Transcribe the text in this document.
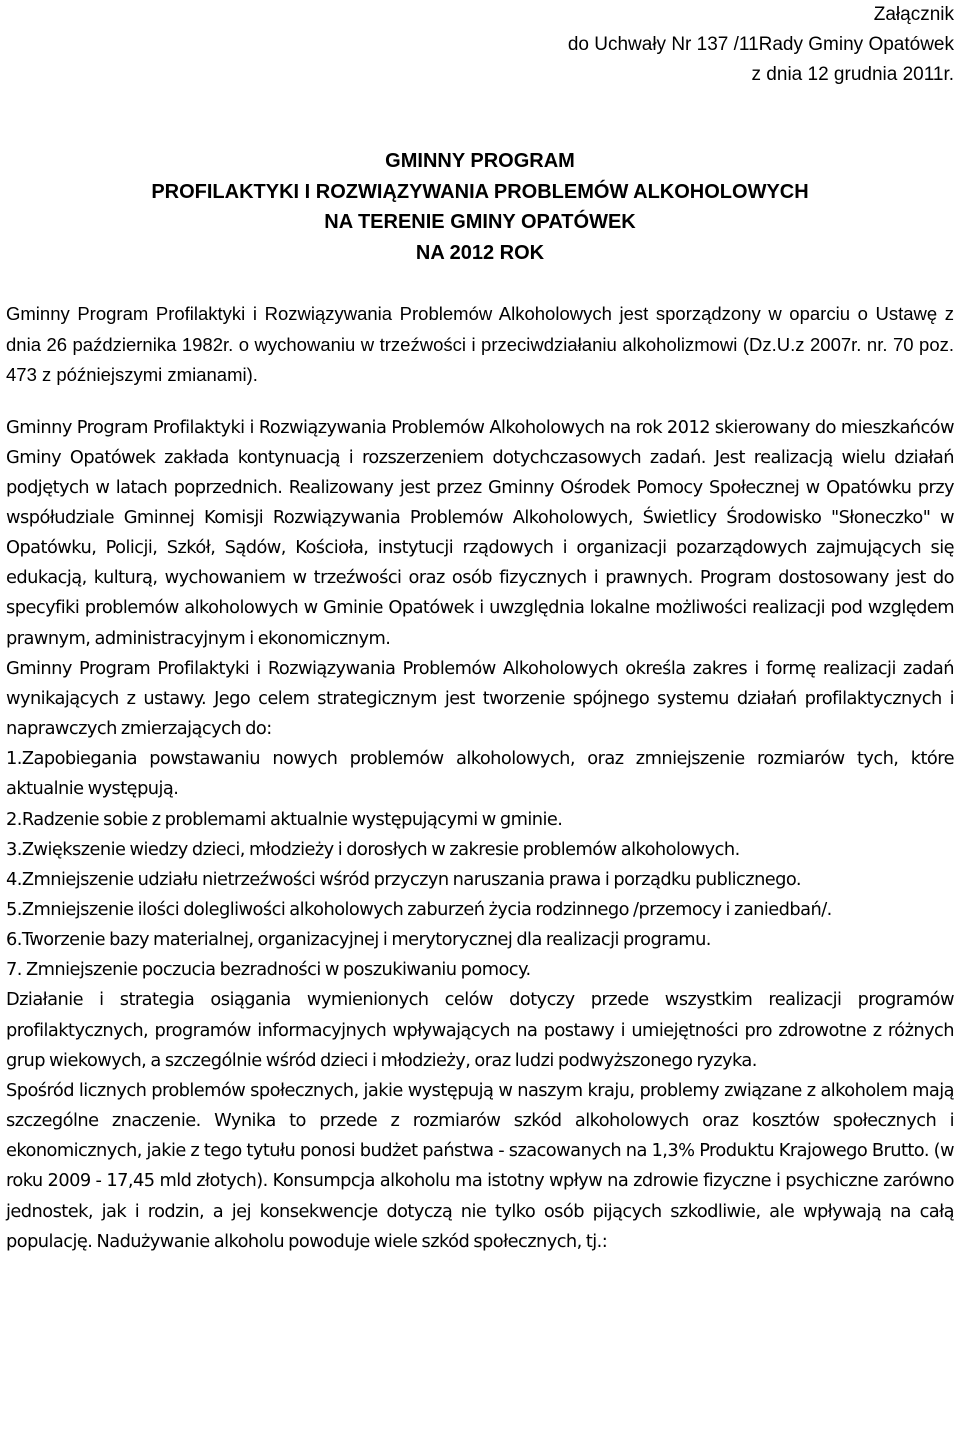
Załącznik
do Uchwały Nr 137 /11Rady Gminy Opatówek
z dnia 12 grudnia 2011r.
GMINNY PROGRAM
PROFILAKTYKI I ROZWIĄZYWANIA PROBLEMÓW ALKOHOLOWYCH
NA TERENIE GMINY OPATÓWEK
NA 2012 ROK
Gminny Program Profilaktyki i Rozwiązywania Problemów Alkoholowych jest sporządzony w oparciu o Ustawę z dnia 26 października 1982r. o wychowaniu w trzeźwości i przeciwdziałaniu alkoholizmowi (Dz.U.z 2007r. nr. 70 poz. 473 z późniejszymi zmianami).

Gminny Program Profilaktyki i Rozwiązywania Problemów Alkoholowych na rok 2012 skierowany do mieszkańców Gminy Opatówek zakłada kontynuacją i rozszerzeniem dotychczasowych zadań. Jest realizacją wielu działań podjętych w latach poprzednich. Realizowany jest przez Gminny Ośrodek Pomocy Społecznej w Opatówku przy współudziale Gminnej Komisji Rozwiązywania Problemów Alkoholowych, Świetlicy Środowisko "Słoneczko" w Opatówku, Policji, Szkół, Sądów, Kościoła, instytucji rządowych i organizacji pozarządowych zajmujących się edukacją, kulturą, wychowaniem w trzeźwości oraz osób fizycznych i prawnych. Program dostosowany jest do specyfiki problemów alkoholowych w Gminie Opatówek i uwzględnia lokalne możliwości realizacji pod względem prawnym, administracyjnym i ekonomicznym.

Gminny Program Profilaktyki i Rozwiązywania Problemów Alkoholowych określa zakres i formę realizacji zadań wynikających z ustawy. Jego celem strategicznym jest tworzenie spójnego systemu działań profilaktycznych i naprawczych zmierzających do:

1.Zapobiegania powstawaniu nowych problemów alkoholowych, oraz zmniejszenie rozmiarów tych, które aktualnie występują.

2.Radzenie sobie z problemami aktualnie występującymi w gminie.

3.Zwiększenie wiedzy dzieci, młodzieży i dorosłych w zakresie problemów alkoholowych.

4.Zmniejszenie udziału nietrzeźwości wśród przyczyn naruszania prawa i porządku publicznego.

5.Zmniejszenie ilości dolegliwości alkoholowych zaburzeń życia rodzinnego /przemocy i zaniedbań/.

6.Tworzenie bazy materialnej, organizacyjnej i merytorycznej dla realizacji programu.

7. Zmniejszenie poczucia bezradności w poszukiwaniu pomocy.

Działanie i strategia osiągania wymienionych celów dotyczy przede wszystkim realizacji programów profilaktycznych, programów informacyjnych wpływających na postawy i umiejętności pro zdrowotne z różnych grup wiekowych, a szczególnie wśród dzieci i młodzieży, oraz ludzi podwyższonego ryzyka.

Spośród licznych problemów społecznych, jakie występują w naszym kraju, problemy związane z alkoholem mają szczególne znaczenie. Wynika to przede z rozmiarów szkód alkoholowych oraz kosztów społecznych i ekonomicznych, jakie z tego tytułu ponosi budżet państwa - szacowanych na 1,3% Produktu Krajowego Brutto. (w roku 2009 - 17,45 mld złotych). Konsumpcja alkoholu ma istotny wpływ na zdrowie fizyczne i psychiczne zarówno jednostek, jak i rodzin, a jej konsekwencje dotyczą nie tylko osób pijących szkodliwie, ale wpływają na całą populację. Nadużywanie alkoholu powoduje wiele szkód społecznych, tj.:
